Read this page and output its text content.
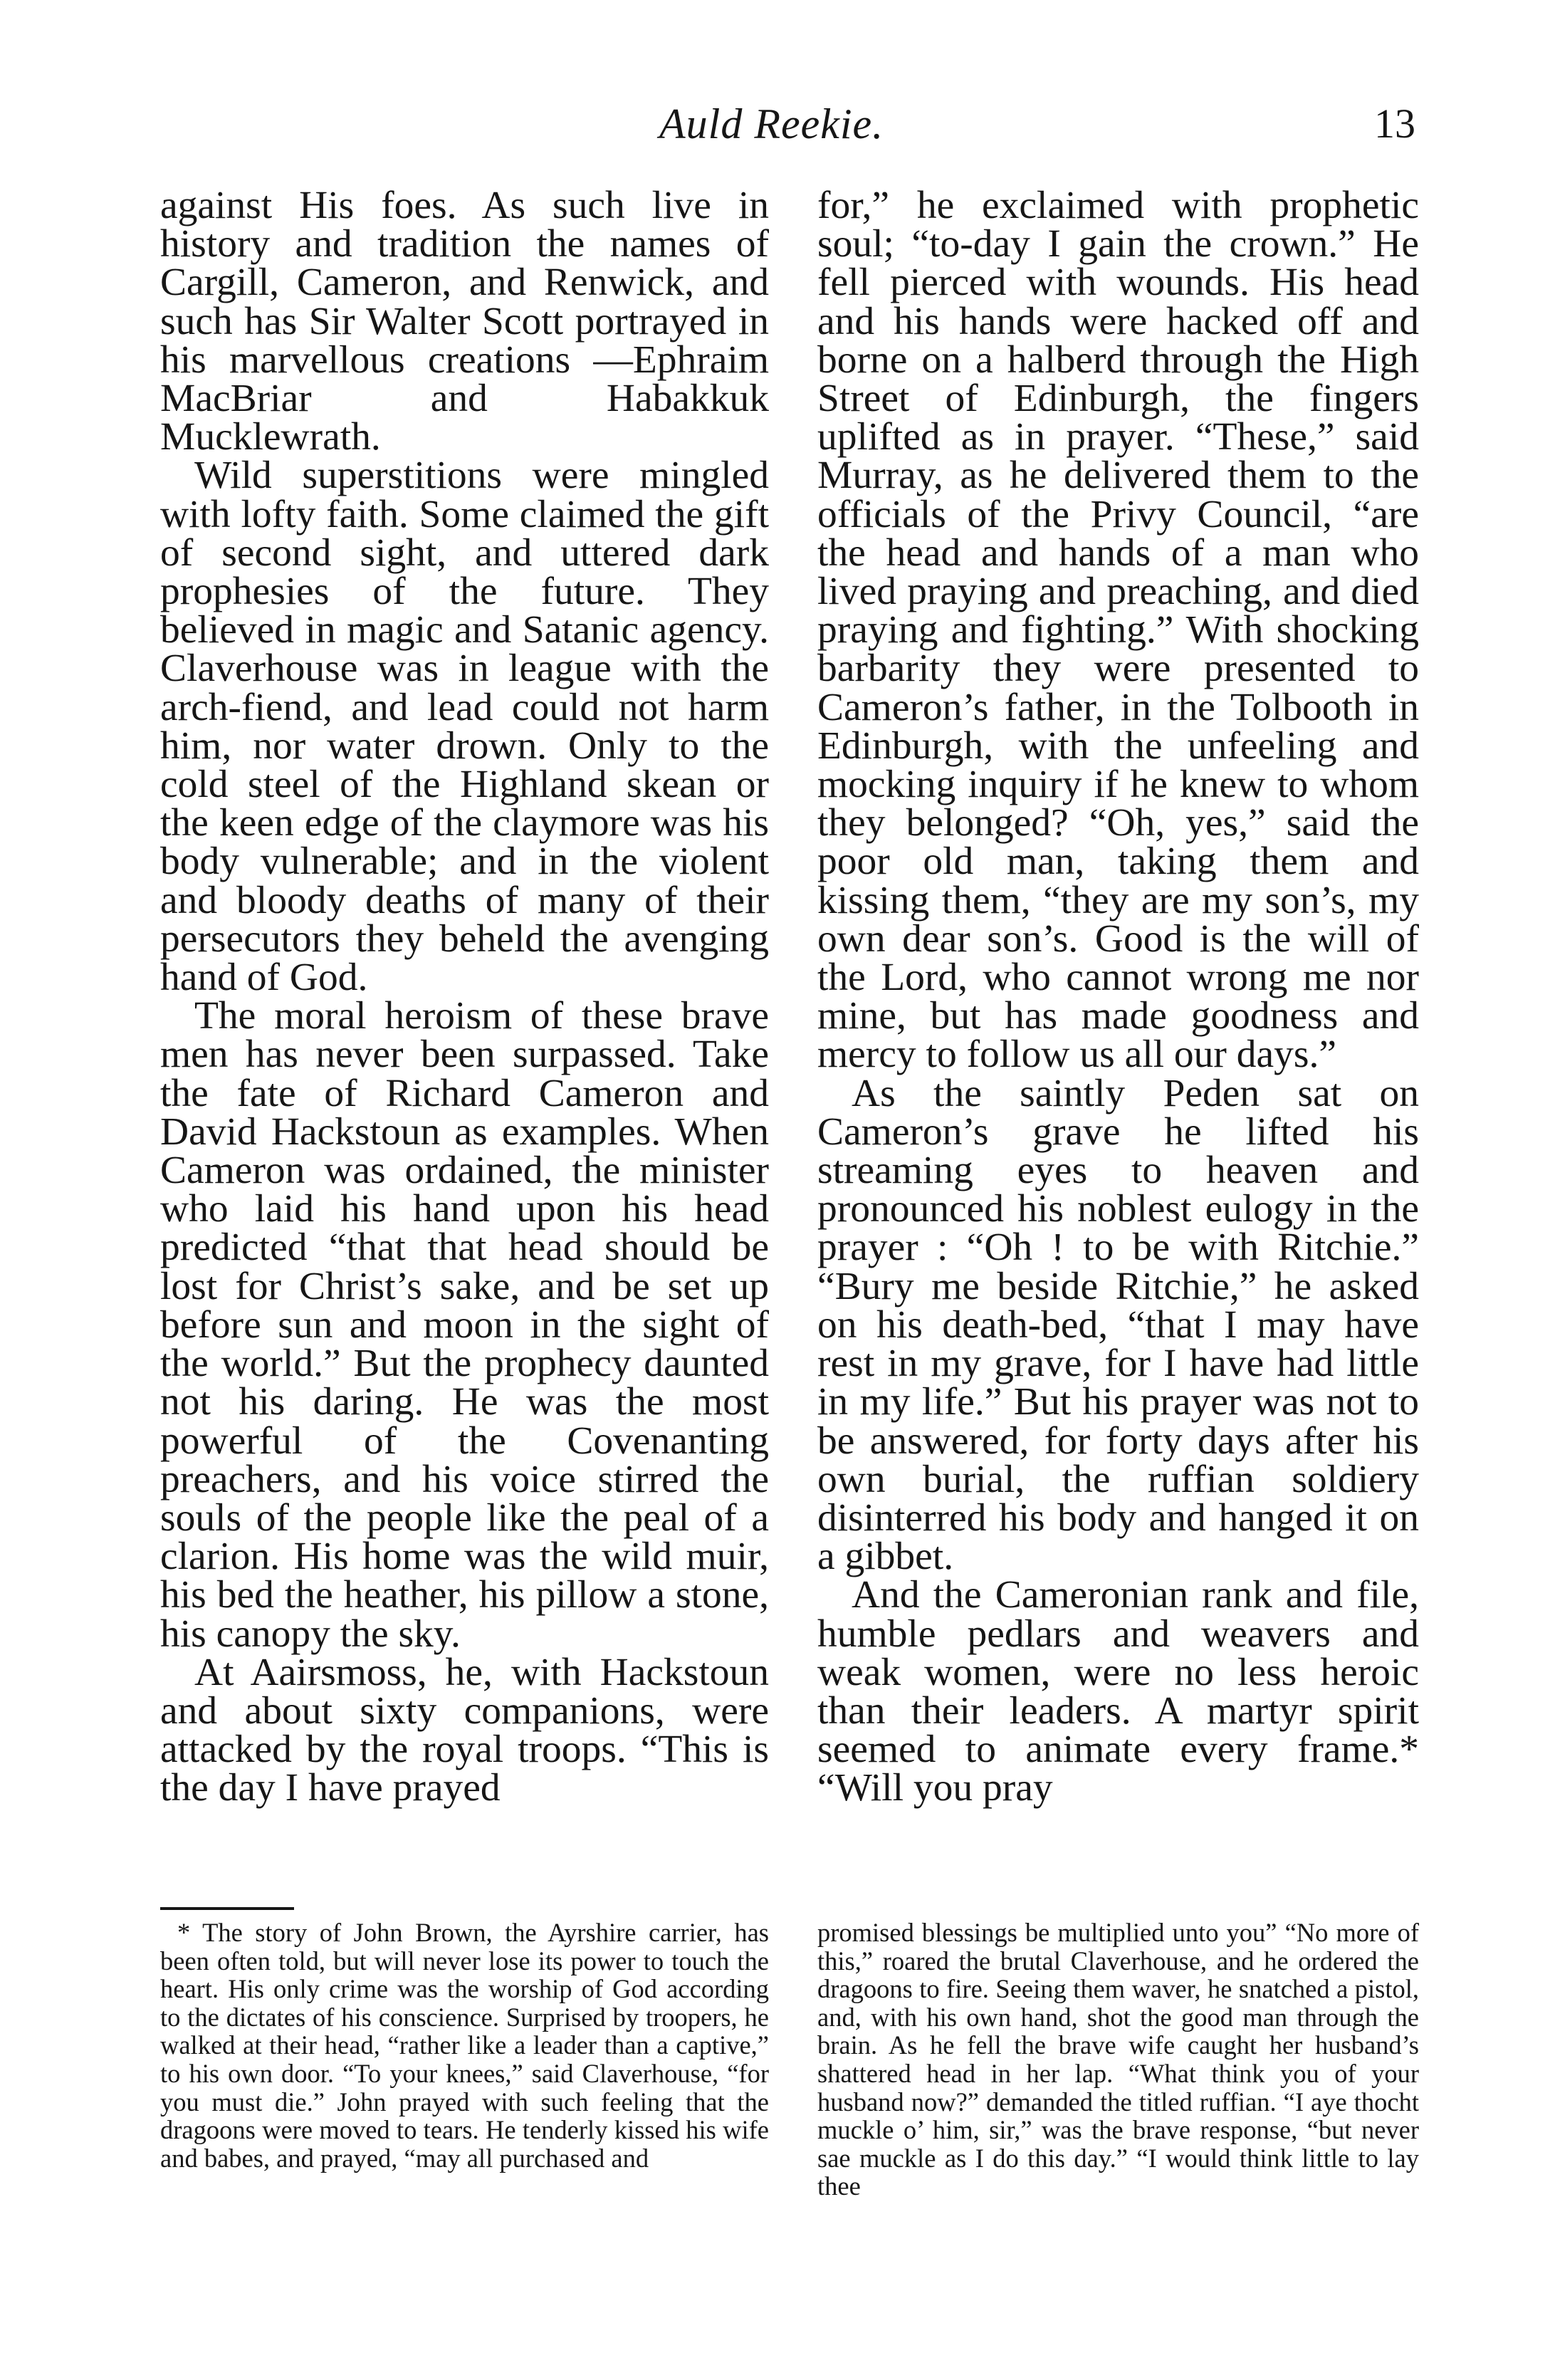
Auld Reekie.	13

against His foes. As such live in history and tradition the names of Cargill, Cameron, and Renwick, and such has Sir Walter Scott portrayed in his marvellous creations —Ephraim MacBriar and Habakkuk Mucklewrath.

Wild superstitions were mingled with lofty faith. Some claimed the gift of second sight, and uttered dark prophesies of the future. They believed in magic and Satanic agency. Claverhouse was in league with the arch-fiend, and lead could not harm him, nor water drown. Only to the cold steel of the Highland skean or the keen edge of the claymore was his body vulnerable; and in the violent and bloody deaths of many of their persecutors they beheld the avenging hand of God.

The moral heroism of these brave men has never been surpassed. Take the fate of Richard Cameron and David Hackstoun as examples. When Cameron was ordained, the minister who laid his hand upon his head predicted “that that head should be lost for Christ’s sake, and be set up before sun and moon in the sight of the world.” But the prophecy daunted not his daring. He was the most powerful of the Covenanting preachers, and his voice stirred the souls of the people like the peal of a clarion. His home was the wild muir, his bed the heather, his pillow a stone, his canopy the sky.

At Aairsmoss, he, with Hackstoun and about sixty companions, were attacked by the royal troops. “This is the day I have prayed

for,” he exclaimed with prophetic soul; “to-day I gain the crown.” He fell pierced with wounds. His head and his hands were hacked off and borne on a halberd through the High Street of Edinburgh, the fingers uplifted as in prayer. “These,” said Murray, as he delivered them to the officials of the Privy Council, “are the head and hands of a man who lived praying and preaching, and died praying and fighting.” With shocking barbarity they were presented to Cameron’s father, in the Tolbooth in Edinburgh, with the unfeeling and mocking inquiry if he knew to whom they belonged? “Oh, yes,” said the poor old man, taking them and kissing them, “they are my son’s, my own dear son’s. Good is the will of the Lord, who cannot wrong me nor mine, but has made goodness and mercy to follow us all our days.”

As the saintly Peden sat on Cameron’s grave he lifted his streaming eyes to heaven and pronounced his noblest eulogy in the prayer : “Oh ! to be with Ritchie.” “Bury me beside Ritchie,” he asked on his death-bed, “that I may have rest in my grave, for I have had little in my life.” But his prayer was not to be answered, for forty days after his own burial, the ruffian soldiery disinterred his body and hanged it on a gibbet.

And the Cameronian rank and file, humble pedlars and weavers and weak women, were no less heroic than their leaders. A martyr spirit seemed to animate every frame.* “Will you pray

* The story of John Brown, the Ayrshire carrier, has been often told, but will never lose its power to touch the heart. His only crime was the worship of God according to the dictates of his conscience. Surprised by troopers, he walked at their head, “rather like a leader than a captive,” to his own door. “To your knees,” said Claverhouse, “for you must die.” John prayed with such feeling that the dragoons were moved to tears. He tenderly kissed his wife and babes, and prayed, “may all purchased and

promised blessings be multiplied unto you” “No more of this,” roared the brutal Claverhouse, and he ordered the dragoons to fire. Seeing them waver, he snatched a pistol, and, with his own hand, shot the good man through the brain. As he fell the brave wife caught her husband’s shattered head in her lap. “What think you of your husband now?” demanded the titled ruffian. “I aye thocht muckle o’ him, sir,” was the brave response, “but never sae muckle as I do this day.” “I would think little to lay thee
